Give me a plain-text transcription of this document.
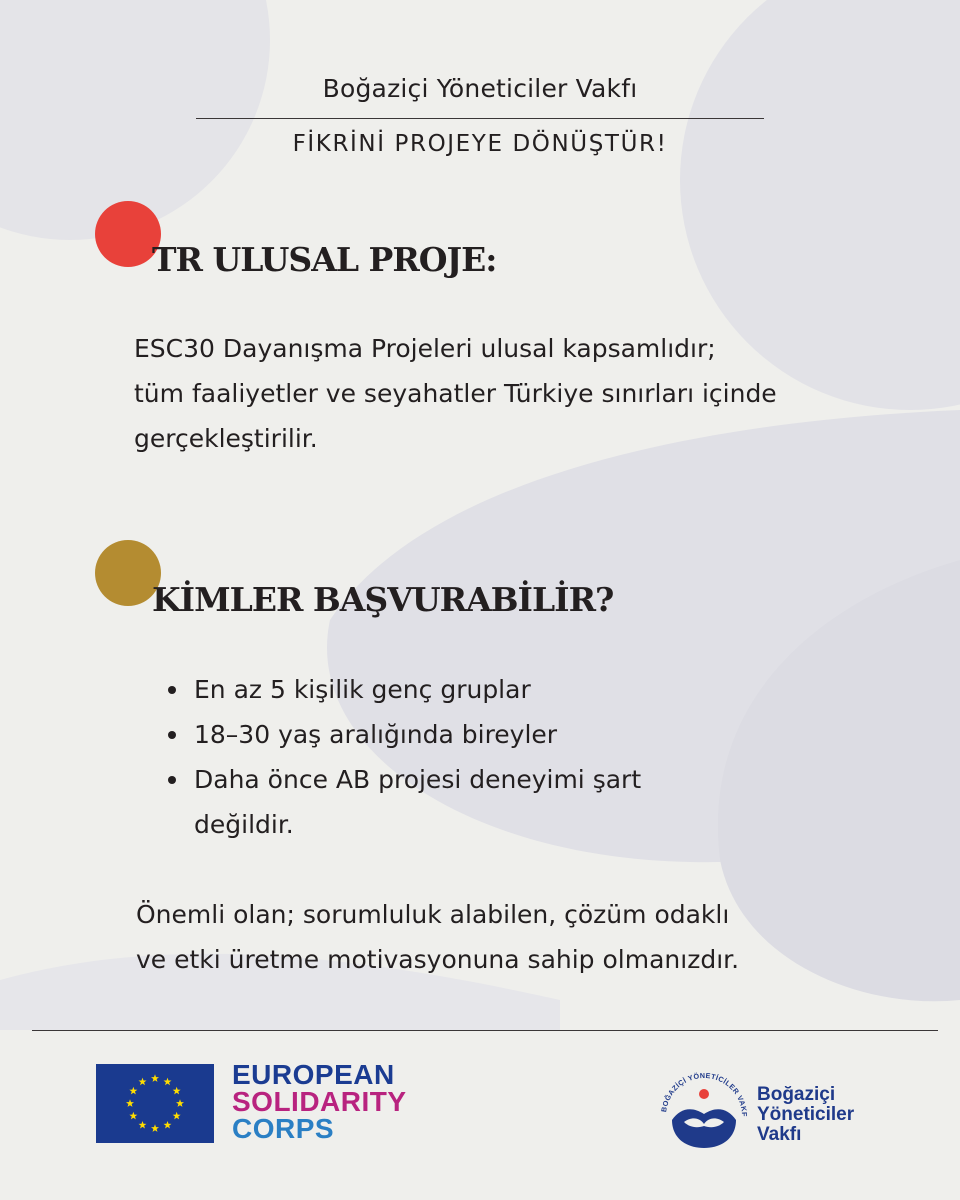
Boğaziçi Yöneticiler Vakfı
FİKRİNİ PROJEYE DÖNÜŞTÜR!
TR ULUSAL PROJE:
ESC30 Dayanışma Projeleri ulusal kapsamlıdır;
tüm faaliyetler ve seyahatler Türkiye sınırları içinde
gerçekleştirilir.
KİMLER BAŞVURABİLİR?
En az 5 kişilik genç gruplar
18–30 yaş aralığında bireyler
Daha önce AB projesi deneyimi şart
değildir.
Önemli olan; sorumluluk alabilen, çözüm odaklı
ve etki üretme motivasyonuna sahip olmanızdır.
EUROPEAN
SOLIDARITY
CORPS
BOĞAZİÇİ YÖNETİCİLER VAKF
Boğaziçi
Yöneticiler
Vakfı
